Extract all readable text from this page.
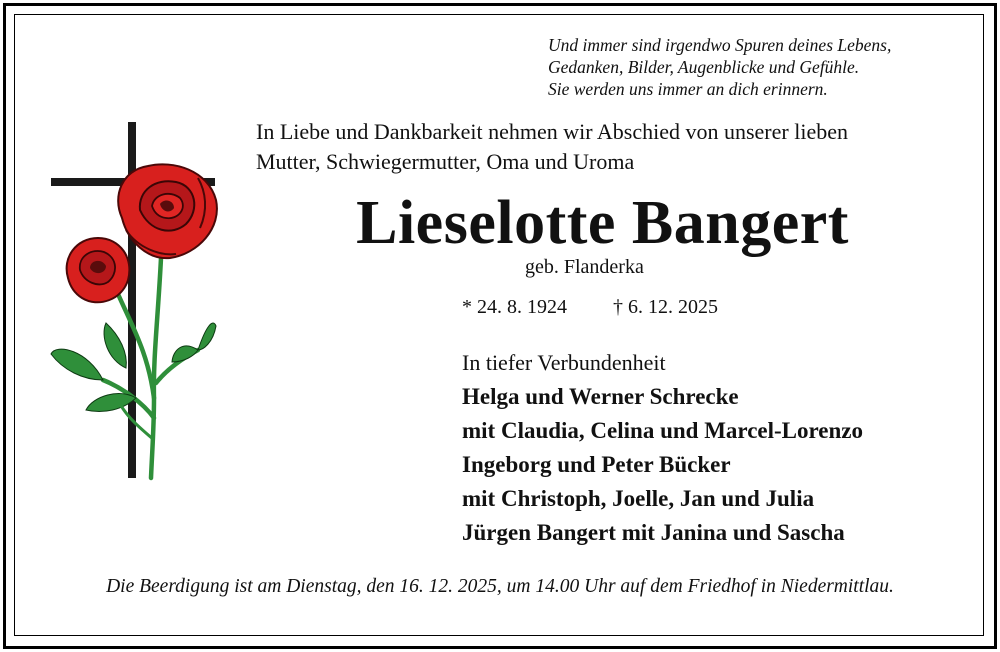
Und immer sind irgendwo Spuren deines Lebens,
Gedanken, Bilder, Augenblicke und Gefühle.
Sie werden uns immer an dich erinnern.
In Liebe und Dankbarkeit nehmen wir Abschied von unserer lieben
Mutter, Schwiegermutter, Oma und Uroma
Lieselotte Bangert
geb. Flanderka
* 24. 8. 1924 † 6. 12. 2025
In tiefer Verbundenheit
Helga und Werner Schrecke
mit Claudia, Celina und Marcel-Lorenzo
Ingeborg und Peter Bücker
mit Christoph, Joelle, Jan und Julia
Jürgen Bangert mit Janina und Sascha
Die Beerdigung ist am Dienstag, den 16. 12. 2025, um 14.00 Uhr auf dem Friedhof in Niedermittlau.
